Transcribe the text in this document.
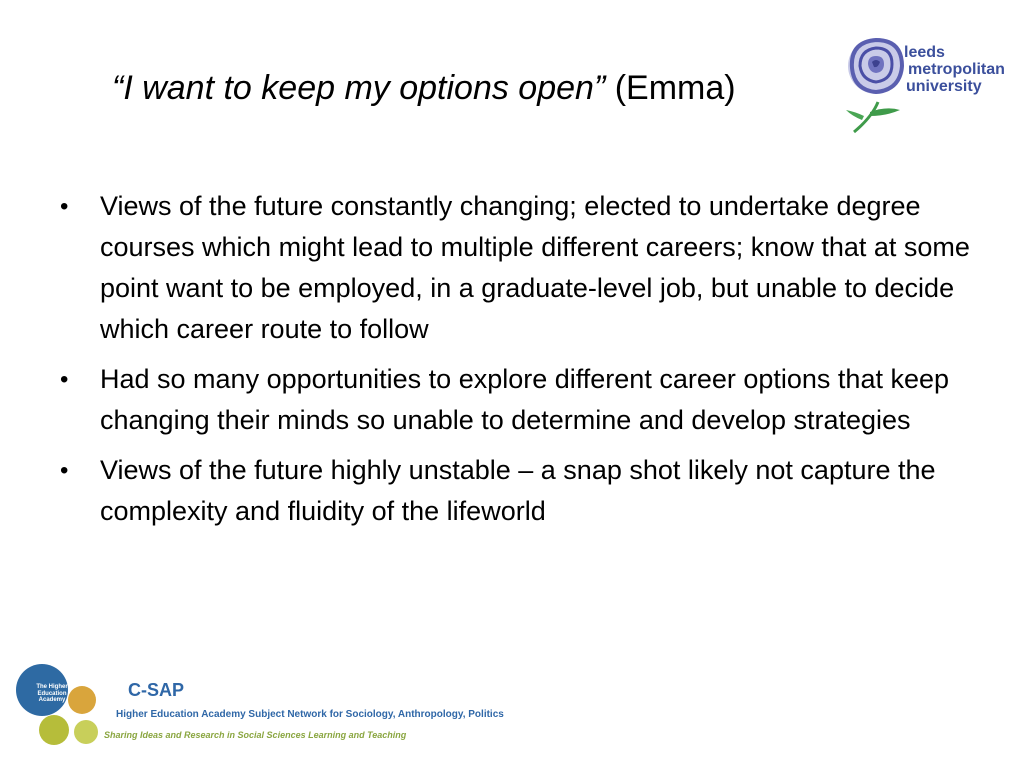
“I want to keep my options open” (Emma)
leeds
metropolitan
university
• Views of the future constantly changing; elected to undertake degree courses which might lead to multiple different careers; know that at some point want to be employed, in a graduate-level job, but unable to decide which career route to follow
• Had so many opportunities to explore different career options that keep changing their minds so unable to determine and develop strategies
• Views of the future highly unstable – a snap shot likely not capture the complexity and fluidity of the lifeworld
The Higher Education Academy	C-SAP
Higher Education Academy Subject Network for Sociology, Anthropology, Politics
Sharing Ideas and Research in Social Sciences Learning and Teaching
